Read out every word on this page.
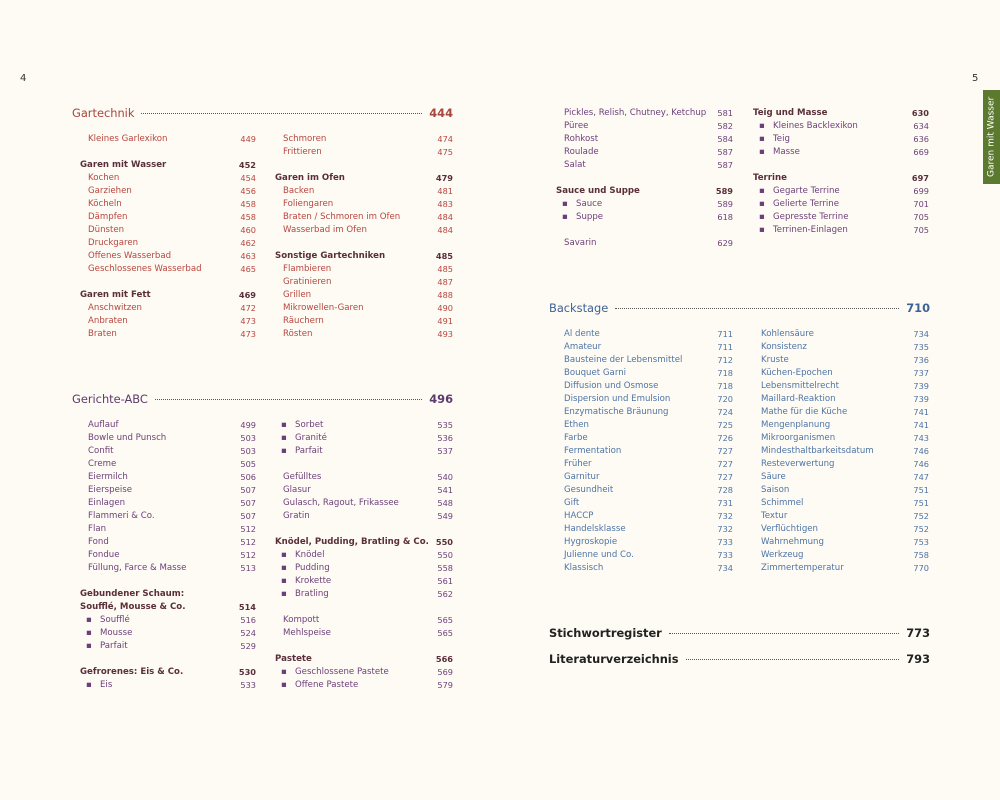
4	5
Garen mit Wasser
Gartechnik	444
Gerichte-ABC	496
Backstage	710
Stichwortregister	773
Literaturverzeichnis	793
Kleines Garlexikon	449
Garen mit Wasser	452
Kochen	454
Garziehen	456
Köcheln	458
Dämpfen	458
Dünsten	460
Druckgaren	462
Offenes Wasserbad	463
Geschlossenes Wasserbad	465
Garen mit Fett	469
Anschwitzen	472
Anbraten	473
Braten	473
Schmoren	474
Frittieren	475
Garen im Ofen	479
Backen	481
Foliengaren	483
Braten / Schmoren im Ofen	484
Wasserbad im Ofen	484
Sonstige Gartechniken	485
Flambieren	485
Gratinieren	487
Grillen	488
Mikrowellen-Garen	490
Räuchern	491
Rösten	493
Auflauf	499
Bowle und Punsch	503
Confit	503
Creme	505
Eiermilch	506
Eierspeise	507
Einlagen	507
Flammeri & Co.	507
Flan	512
Fond	512
Fondue	512
Füllung, Farce & Masse	513
Gebundener Schaum:
Soufflé, Mousse & Co.	514
▪ Soufflé	516
▪ Mousse	524
▪ Parfait	529
Gefrorenes: Eis & Co.	530
▪ Eis	533
▪ Sorbet	535
▪ Granité	536
▪ Parfait	537
Gefülltes	540
Glasur	541
Gulasch, Ragout, Frikassee	548
Gratin	549
Knödel, Pudding, Bratling & Co. 550
▪ Knödel	550
▪ Pudding	558
▪ Krokette	561
▪ Bratling	562
Kompott	565
Mehlspeise	565
Pastete	566
▪ Geschlossene Pastete	569
▪ Offene Pastete	579
Pickles, Relish, Chutney, Ketchup 581
Püree	582
Rohkost	584
Roulade	587
Salat	587
Sauce und Suppe	589
▪ Sauce	589
▪ Suppe	618
Savarin	629
Teig und Masse	630
▪ Kleines Backlexikon	634
▪ Teig	636
▪ Masse	669
Terrine	697
▪ Gegarte Terrine	699
▪ Gelierte Terrine	701
▪ Gepresste Terrine	705
▪ Terrinen-Einlagen	705
Al dente	711
Amateur	711
Bausteine der Lebensmittel	712
Bouquet Garni	718
Diffusion und Osmose	718
Dispersion und Emulsion	720
Enzymatische Bräunung	724
Ethen	725
Farbe	726
Fermentation	727
Früher	727
Garnitur	727
Gesundheit	728
Gift	731
HACCP	732
Handelsklasse	732
Hygroskopie	733
Julienne und Co.	733
Klassisch	734
Kohlensäure	734
Konsistenz	735
Kruste	736
Küchen-Epochen	737
Lebensmittelrecht	739
Maillard-Reaktion	739
Mathe für die Küche	741
Mengenplanung	741
Mikroorganismen	743
Mindesthaltbarkeitsdatum	746
Resteverwertung	746
Säure	747
Saison	751
Schimmel	751
Textur	752
Verflüchtigen	752
Wahrnehmung	753
Werkzeug	758
Zimmertemperatur	770
